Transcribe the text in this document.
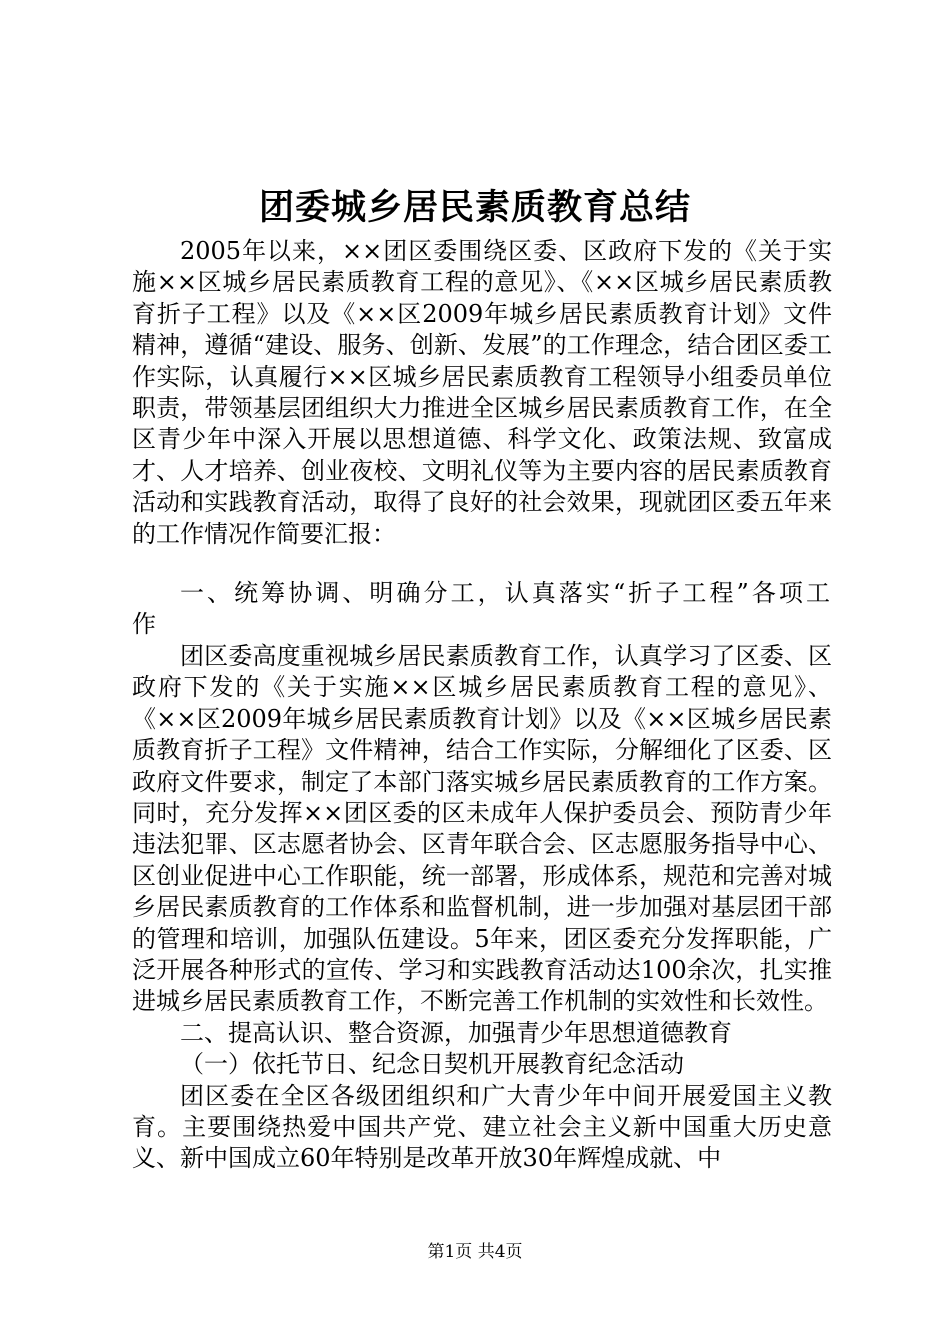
团委城乡居民素质教育总结

2005年以来，××团区委围绕区委、区政府下发的《关于实施××区城乡居民素质教育工程的意见》、《××区城乡居民素质教育折子工程》以及《××区2009年城乡居民素质教育计划》文件精神，遵循“建设、服务、创新、发展”的工作理念，结合团区委工作实际，认真履行××区城乡居民素质教育工程领导小组委员单位职责，带领基层团组织大力推进全区城乡居民素质教育工作，在全区青少年中深入开展以思想道德、科学文化、政策法规、致富成才、人才培养、创业夜校、文明礼仪等为主要内容的居民素质教育活动和实践教育活动，取得了良好的社会效果，现就团区委五年来的工作情况作简要汇报：

一、统筹协调、明确分工，认真落实“折子工程”各项工作

团区委高度重视城乡居民素质教育工作，认真学习了区委、区政府下发的《关于实施××区城乡居民素质教育工程的意见》、《××区2009年城乡居民素质教育计划》以及《××区城乡居民素质教育折子工程》文件精神，结合工作实际，分解细化了区委、区政府文件要求，制定了本部门落实城乡居民素质教育的工作方案。同时，充分发挥××团区委的区未成年人保护委员会、预防青少年违法犯罪、区志愿者协会、区青年联合会、区志愿服务指导中心、区创业促进中心工作职能，统一部署，形成体系，规范和完善对城乡居民素质教育的工作体系和监督机制，进一步加强对基层团干部的管理和培训，加强队伍建设。5年来，团区委充分发挥职能，广泛开展各种形式的宣传、学习和实践教育活动达100余次，扎实推进城乡居民素质教育工作，不断完善工作机制的实效性和长效性。

二、提高认识、整合资源，加强青少年思想道德教育

（一）依托节日、纪念日契机开展教育纪念活动

团区委在全区各级团组织和广大青少年中间开展爱国主义教育。主要围绕热爱中国共产党、建立社会主义新中国重大历史意义、新中国成立60年特别是改革开放30年辉煌成就、中

第1页 共4页
